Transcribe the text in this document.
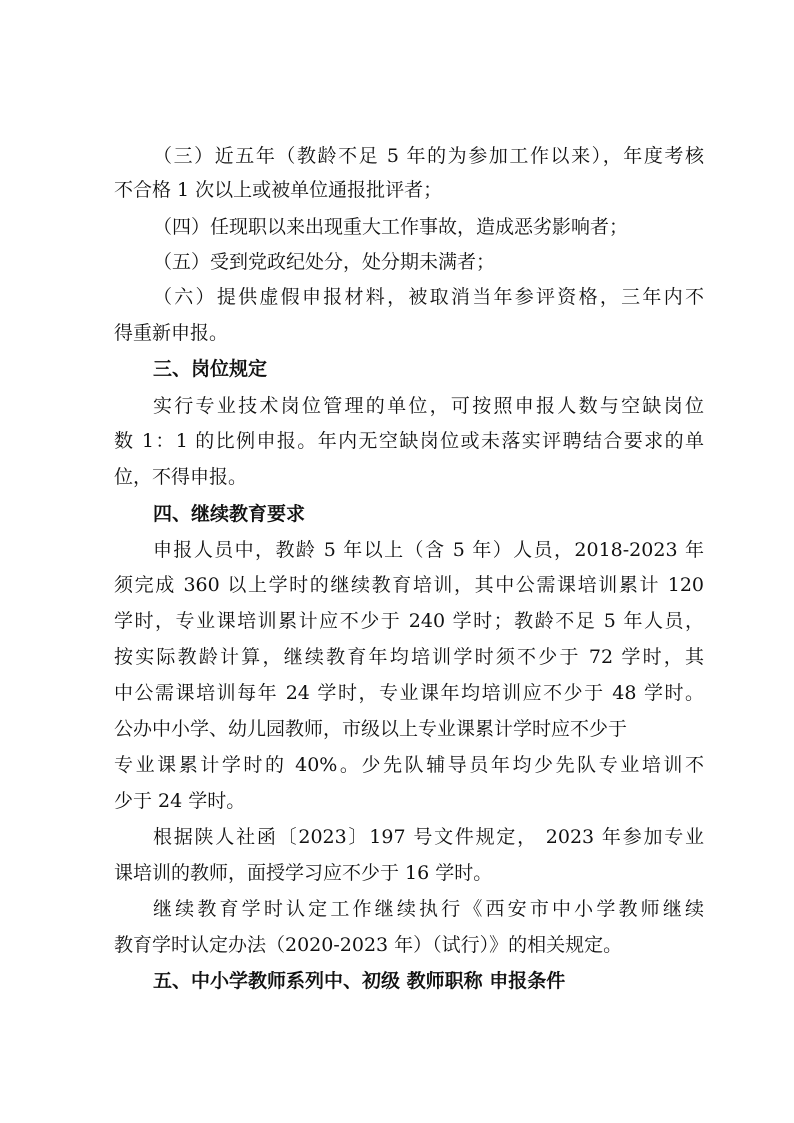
（三）近五年（教龄不足 5 年的为参加工作以来），年度考核
不合格 1 次以上或被单位通报批评者；
（四）任现职以来出现重大工作事故，造成恶劣影响者；
（五）受到党政纪处分，处分期未满者；
（六）提供虚假申报材料，被取消当年参评资格，三年内不
得重新申报。
三、岗位规定
实行专业技术岗位管理的单位，可按照申报人数与空缺岗位
数 1：1 的比例申报。年内无空缺岗位或未落实评聘结合要求的单
位，不得申报。
四、继续教育要求
申报人员中，教龄 5 年以上（含 5 年）人员，2018-2023 年
须完成 360 以上学时的继续教育培训，其中公需课培训累计 120
学时，专业课培训累计应不少于 240 学时；教龄不足 5 年人员，
按实际教龄计算，继续教育年均培训学时须不少于 72 学时，其
中公需课培训每年 24 学时，专业课年均培训应不少于 48 学时。
公办中小学、幼儿园教师，市级以上专业课累计学时应不少于
专业课累计学时的 40%。少先队辅导员年均少先队专业培训不
少于 24 学时。
根据陕人社函〔2023〕197 号文件规定， 2023 年参加专业
课培训的教师，面授学习应不少于 16 学时。
继续教育学时认定工作继续执行《西安市中小学教师继续
教育学时认定办法（2020-2023 年）（试行）》的相关规定。
五、中小学教师系列中、初级 教师职称 申报条件
